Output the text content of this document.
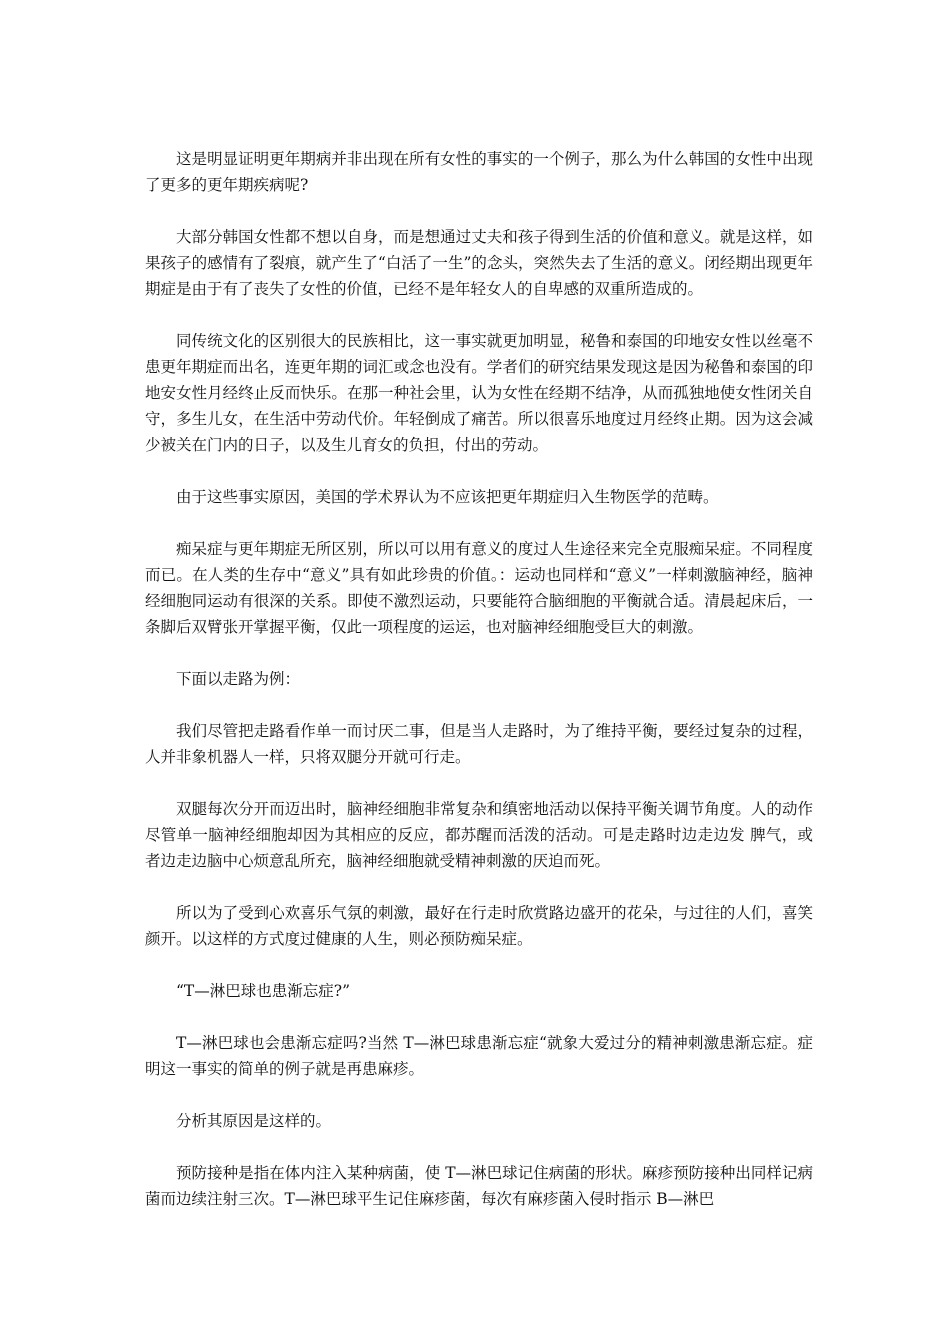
这是明显证明更年期病并非出现在所有女性的事实的一个例子，那么为什么韩国的女性中出现了更多的更年期疾病呢?

大部分韩国女性都不想以自身，而是想通过丈夫和孩子得到生活的价值和意义。就是这样，如果孩子的感情有了裂痕，就产生了“白活了一生”的念头，突然失去了生活的意义。闭经期出现更年期症是由于有了丧失了女性的价值，已经不是年轻女人的自卑感的双重所造成的。

同传统文化的区别很大的民族相比，这一事实就更加明显，秘鲁和泰国的印地安女性以丝毫不患更年期症而出名，连更年期的词汇或念也没有。学者们的研究结果发现这是因为秘鲁和泰国的印地安女性月经终止反而快乐。在那一种社会里，认为女性在经期不结净，从而孤独地使女性闭关自守，多生儿女，在生活中劳动代价。年轻倒成了痛苦。所以很喜乐地度过月经终止期。因为这会减少被关在门内的日子，以及生儿育女的负担，付出的劳动。

由于这些事实原因，美国的学术界认为不应该把更年期症归入生物医学的范畴。

痴呆症与更年期症无所区别，所以可以用有意义的度过人生途径来完全克服痴呆症。不同程度而已。在人类的生存中“意义”具有如此珍贵的价值。：运动也同样和“意义”一样刺激脑神经，脑神经细胞同运动有很深的关系。即使不激烈运动，只要能符合脑细胞的平衡就合适。清晨起床后，一条脚后双臂张开掌握平衡，仅此一项程度的运运，也对脑神经细胞受巨大的刺激。

下面以走路为例：

我们尽管把走路看作单一而讨厌二事，但是当人走路时，为了维持平衡，要经过复杂的过程，人并非象机器人一样，只将双腿分开就可行走。

双腿每次分开而迈出时，脑神经细胞非常复杂和缜密地活动以保持平衡关调节角度。人的动作尽管单一脑神经细胞却因为其相应的反应，都苏醒而活泼的活动。可是走路时边走边发 脾气，或者边走边脑中心烦意乱所充，脑神经细胞就受精神刺激的厌迫而死。

所以为了受到心欢喜乐气氛的刺激，最好在行走时欣赏路边盛开的花朵，与过往的人们，喜笑颜开。以这样的方式度过健康的人生，则必预防痴呆症。

“T—淋巴球也患渐忘症?”

T—淋巴球也会患渐忘症吗?当然 T—淋巴球患渐忘症“就象大爱过分的精神刺激患渐忘症。症明这一事实的简单的例子就是再患麻疹。

分析其原因是这样的。

预防接种是指在体内注入某种病菌，使 T—淋巴球记住病菌的形状。麻疹预防接种出同样记病菌而边续注射三次。T—淋巴球平生记住麻疹菌，每次有麻疹菌入侵时指示 B—淋巴
